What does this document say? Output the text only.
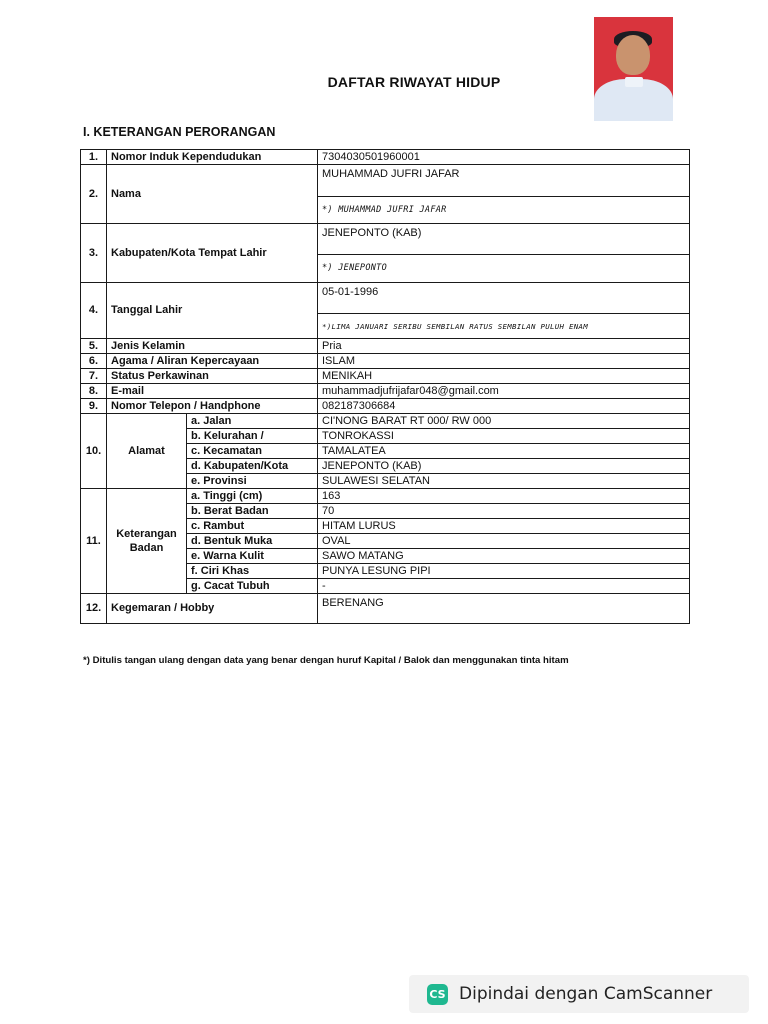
DAFTAR RIWAYAT HIDUP
I. KETERANGAN PERORANGAN
1.	Nomor Induk Kependudukan		7304030501960001
2.	Nama		MUHAMMAD JUFRI JAFAR
			*) MUHAMMAD JUFRI JAFAR
3.	Kabupaten/Kota Tempat Lahir		JENEPONTO (KAB)
			*) JENEPONTO
4.	Tanggal Lahir		05-01-1996
			*)LIMA JANUARI SERIBU SEMBILAN RATUS SEMBILAN PULUH ENAM
5.	Jenis Kelamin		Pria
6.	Agama / Aliran Kepercayaan		ISLAM
7.	Status Perkawinan		MENIKAH
8.	E-mail		muhammadjufrijafar048@gmail.com
9.	Nomor Telepon / Handphone		082187306684
10.	Alamat	a. Jalan	CI'NONG BARAT RT 000/ RW 000
		b. Kelurahan /	TONROKASSI
		c. Kecamatan	TAMALATEA
		d. Kabupaten/Kota	JENEPONTO (KAB)
		e. Provinsi	SULAWESI SELATAN
11.	Keterangan
Badan	a. Tinggi (cm)	163
		b. Berat Badan	70
		c. Rambut	HITAM LURUS
		d. Bentuk Muka	OVAL
		e. Warna Kulit	SAWO MATANG
		f. Ciri Khas	PUNYA LESUNG PIPI
		g. Cacat Tubuh	-
12.	Kegemaran / Hobby		BERENANG
*) Ditulis tangan ulang dengan data yang benar dengan huruf Kapital / Balok dan menggunakan tinta hitam
CS Dipindai dengan CamScanner
